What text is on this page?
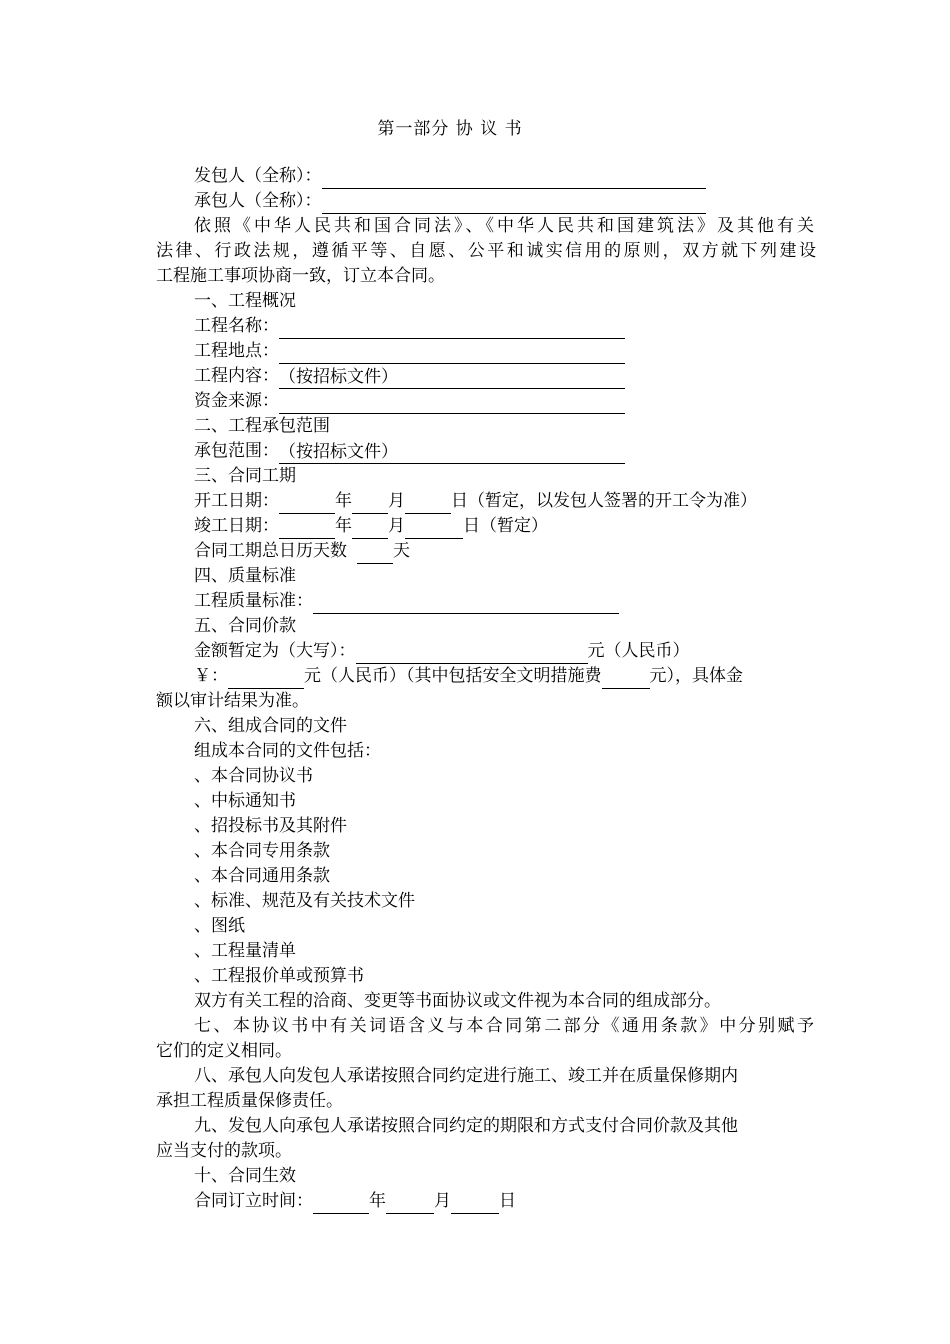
第一部分 协 议 书
发包人（全称）：
承包人（全称）：
依照《中华人民共和国合同法》、《中华人民共和国建筑法》及其他有关
法律、行政法规，遵循平等、自愿、公平和诚实信用的原则，双方就下列建设
工程施工事项协商一致，订立本合同。
一、工程概况
工程名称：
工程地点：
工程内容：（按招标文件）
资金来源：
二、工程承包范围
承包范围：（按招标文件）
三、合同工期
开工日期：	年 月	日（暂定，以发包人签署的开工令为准）
竣工日期：	年 月	日（暂定）
合同工期总日历天数	天
四、质量标准
工程质量标准：
五、合同价款
金额暂定为（大写）：	元（人民币）
￥：	元（人民币）（其中包括安全文明措施费	元），具体金
额以审计结果为准。
六、组成合同的文件
组成本合同的文件包括：
、本合同协议书
、中标通知书
、招投标书及其附件
、本合同专用条款
、本合同通用条款
、标准、规范及有关技术文件
、图纸
、工程量清单
、工程报价单或预算书
双方有关工程的洽商、变更等书面协议或文件视为本合同的组成部分。
七、本协议书中有关词语含义与本合同第二部分《通用条款》中分别赋予
它们的定义相同。
八、承包人向发包人承诺按照合同约定进行施工、竣工并在质量保修期内
承担工程质量保修责任。
九、发包人向承包人承诺按照合同约定的期限和方式支付合同价款及其他
应当支付的款项。
十、合同生效
合同订立时间：	年	月	日
